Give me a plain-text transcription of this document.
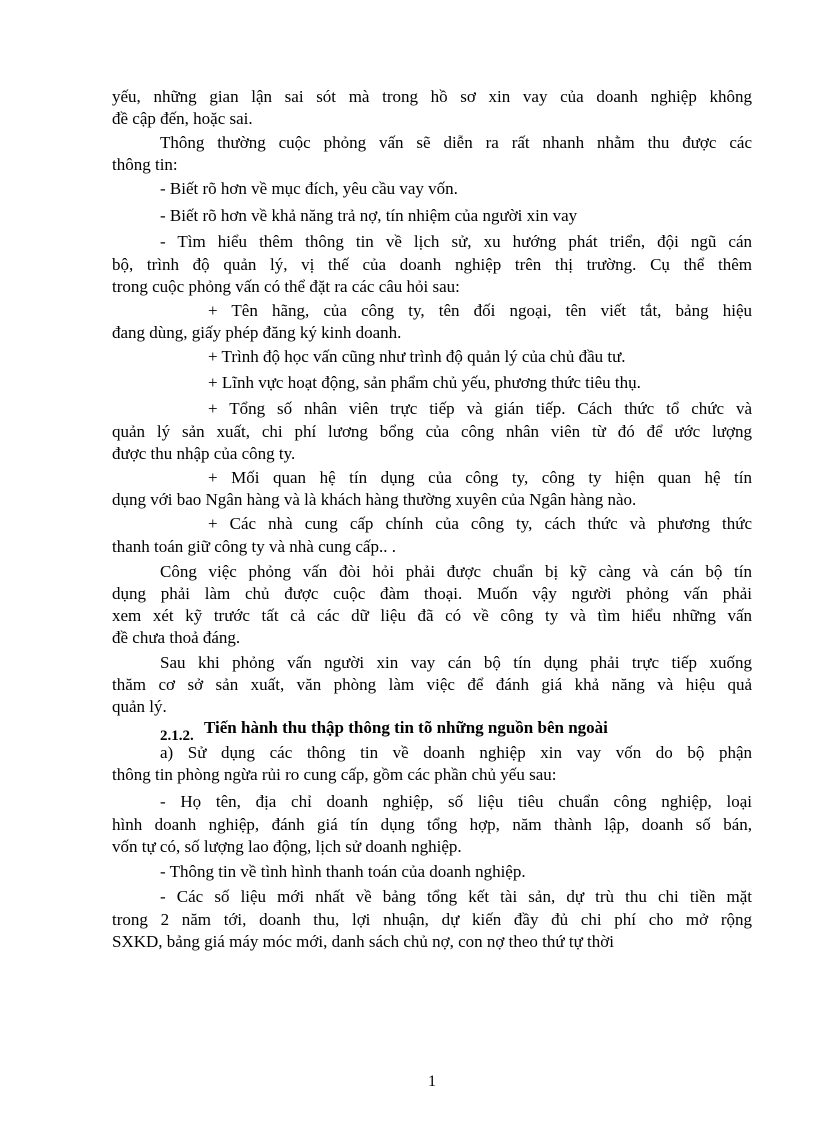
yếu, những gian lận sai sót mà trong hồ sơ xin vay của doanh nghiệp không
đề cập đến, hoặc sai.
Thông thường cuộc phỏng vấn sẽ diễn ra rất nhanh nhằm thu được các
thông tin:
- Biết rõ hơn về mục đích, yêu cầu vay vốn.
- Biết rõ hơn về khả năng trả nợ, tín nhiệm của người xin vay
- Tìm hiểu thêm thông tin về lịch sử, xu hướng phát triển, đội ngũ cán
bộ, trình độ quản lý, vị thế của doanh nghiệp trên thị trường. Cụ thể thêm
trong cuộc phỏng vấn có thể đặt ra các câu hỏi sau:
+ Tên hãng, của công ty, tên đối ngoại, tên viết tắt, bảng hiệu
đang dùng, giấy phép đăng ký kinh doanh.
+ Trình độ học vấn cũng như trình độ quản lý của chủ đầu tư.
+ Lĩnh vực hoạt động, sản phẩm chủ yếu, phương thức tiêu thụ.
+ Tổng số nhân viên trực tiếp và gián tiếp. Cách thức tổ chức và
quản lý sản xuất, chi phí lương bổng của công nhân viên từ đó để ước lượng
được thu nhập của công ty.
+ Mối quan hệ tín dụng của công ty, công ty hiện quan hệ tín
dụng với bao Ngân hàng và là khách hàng thường xuyên của Ngân hàng nào.
+ Các nhà cung cấp chính của công ty, cách thức và phương thức
thanh toán giữ công ty và nhà cung cấp.. .
Công việc phỏng vấn đòi hỏi phải được chuẩn bị kỹ càng và cán bộ tín
dụng phải làm chủ được cuộc đàm thoại. Muốn vậy người phỏng vấn phải
xem xét kỹ trước tất cả các dữ liệu đã có về công ty và tìm hiểu những vấn
đề chưa thoả đáng.
Sau khi phỏng vấn người xin vay cán bộ tín dụng phải trực tiếp xuống
thăm cơ sở sản xuất, văn phòng làm việc để đánh giá khả năng và hiệu quả
quản lý.
2.1.2. Tiến hành thu thập thông tin tõ những nguồn bên ngoài
a) Sử dụng các thông tin về doanh nghiệp xin vay vốn do bộ phận
thông tin phòng ngừa rủi ro cung cấp, gồm các phần chủ yếu sau:
- Họ tên, địa chỉ doanh nghiệp, số liệu tiêu chuẩn công nghiệp, loại
hình doanh nghiệp, đánh giá tín dụng tổng hợp, năm thành lập, doanh số bán,
vốn tự có, số lượng lao động, lịch sử doanh nghiệp.
- Thông tin về tình hình thanh toán của doanh nghiệp.
- Các số liệu mới nhất về bảng tổng kết tài sản, dự trù thu chi tiền mặt
trong 2 năm tới, doanh thu, lợi nhuận, dự kiến đầy đủ chi phí cho mở rộng
SXKD, bảng giá máy móc mới, danh sách chủ nợ, con nợ theo thứ tự thời
1
